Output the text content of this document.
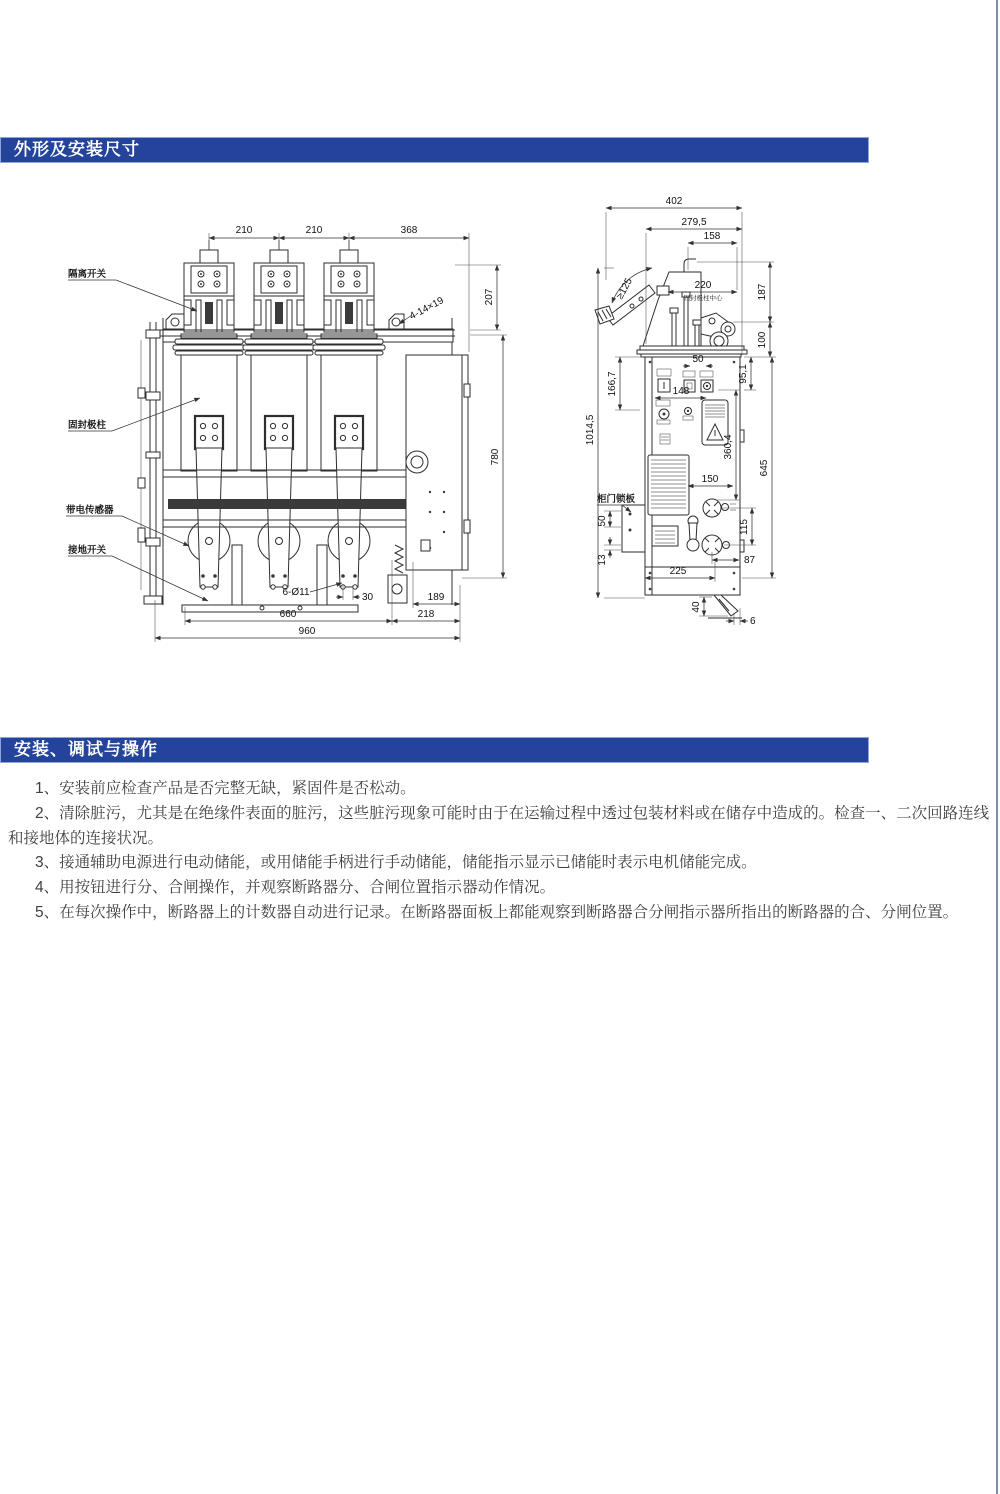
外形及安装尺寸
210	210	368
207
780
4-14×19
6-Ø11	30	189
660	218
960
隔离开关
固封极柱
带电传感器
接地开关
≥125
402
279,5
158
220
固封极柱中心	187
100
1014,5
166,7
50
95,1
148
360,4
645
150
115
87
225
50
13
40
6
柜门锁板
安装、调试与操作

1、安装前应检查产品是否完整无缺，紧固件是否松动。

2、清除脏污，尤其是在绝缘件表面的脏污，这些脏污现象可能时由于在运输过程中透过包装材料或在储存中造成的。检查一、二次回路连线和接地体的连接状况。

3、接通辅助电源进行电动储能，或用储能手柄进行手动储能，储能指示显示已储能时表示电机储能完成。

4、用按钮进行分、合闸操作，并观察断路器分、合闸位置指示器动作情况。

5、在每次操作中，断路器上的计数器自动进行记录。在断路器面板上都能观察到断路器合分闸指示器所指出的断路器的合、分闸位置。
